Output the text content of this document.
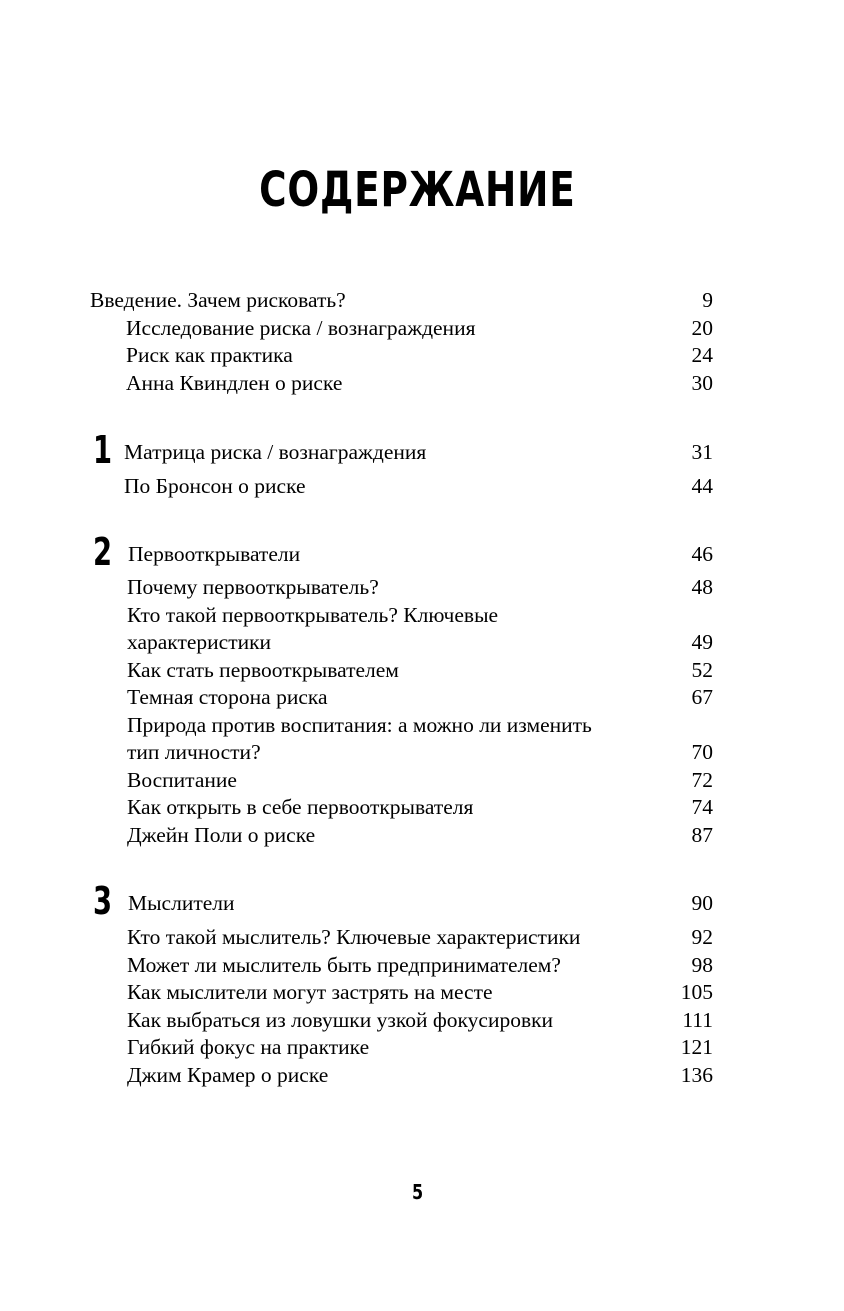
СОДЕРЖАНИЕ
Введение. Зачем рисковать?	9
Исследование риска / вознаграждения	20
Риск как практика	24
Анна Квиндлен о риске	30
1 Матрица риска / вознаграждения	31
По Бронсон о риске	44
2 Первооткрыватели	46
Почему первооткрыватель?	48
Кто такой первооткрыватель? Ключевые
характеристики	49
Как стать первооткрывателем	52
Темная сторона риска	67
Природа против воспитания: а можно ли изменить
тип личности?	70
Воспитание	72
Как открыть в себе первооткрывателя	74
Джейн Поли о риске	87
3 Мыслители	90
Кто такой мыслитель? Ключевые характеристики	92
Может ли мыслитель быть предпринимателем?	98
Как мыслители могут застрять на месте	105
Как выбраться из ловушки узкой фокусировки	111
Гибкий фокус на практике	121
Джим Крамер о риске	136
5
